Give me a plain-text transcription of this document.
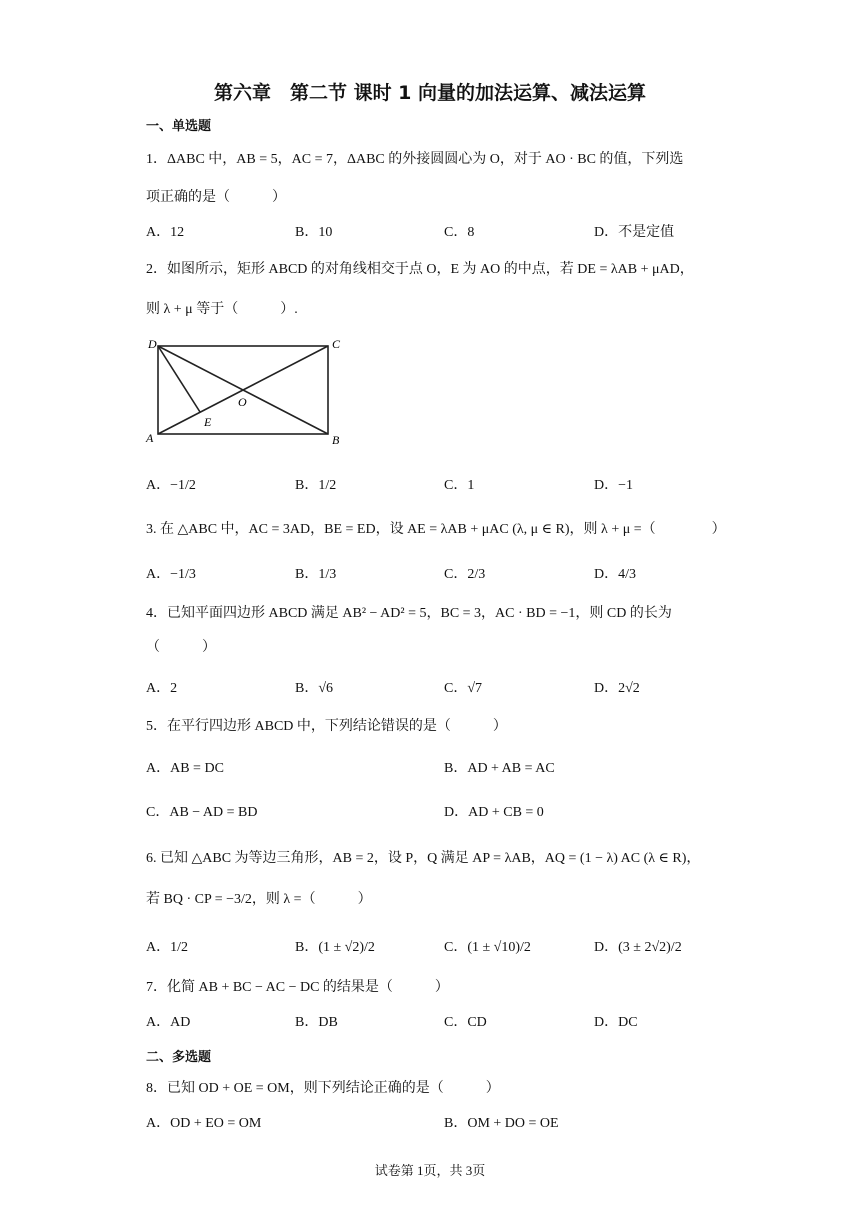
第六章　第二节 课时 1 向量的加法运算、减法运算
一、单选题
1．ΔABC 中，AB = 5，AC = 7，ΔABC 的外接圆圆心为 O，对于 AO · BC 的值，下列选
项正确的是（　　　）
A．12	B．10	C．8	D．不是定值
2．如图所示，矩形 ABCD 的对角线相交于点 O，E 为 AO 的中点，若 DE = λAB + μAD，
则 λ + μ 等于（　　　）.
D	C
O
E
A	B
A．−1/2	B．1/2	C．1	D．−1
3. 在 △ABC 中，AC = 3AD，BE = ED，设 AE = λAB + μAC (λ, μ ∈ R)，则 λ + μ =（　　　　）
A．−1/3	B．1/3	C．2/3	D．4/3
4．已知平面四边形 ABCD 满足 AB² − AD² = 5，BC = 3，AC · BD = −1，则 CD 的长为
（　　　）
A．2	B．√6	C．√7	D．2√2
5．在平行四边形 ABCD 中，下列结论错误的是（　　　）
A．AB = DC	B．AD + AB = AC
C．AB − AD = BD	D．AD + CB = 0
6. 已知 △ABC 为等边三角形，AB = 2，设 P，Q 满足 AP = λAB，AQ = (1 − λ) AC (λ ∈ R)，
若 BQ · CP = −3/2，则 λ =（　　　）
A．1/2	B．(1 ± √2)/2	C．(1 ± √10)/2	D．(3 ± 2√2)/2
7．化简 AB + BC − AC − DC 的结果是（　　　）
A．AD	B．DB	C．CD	D．DC
二、多选题
8．已知 OD + OE = OM，则下列结论正确的是（　　　）
A．OD + EO = OM	B．OM + DO = OE
试卷第 1页，共 3页
